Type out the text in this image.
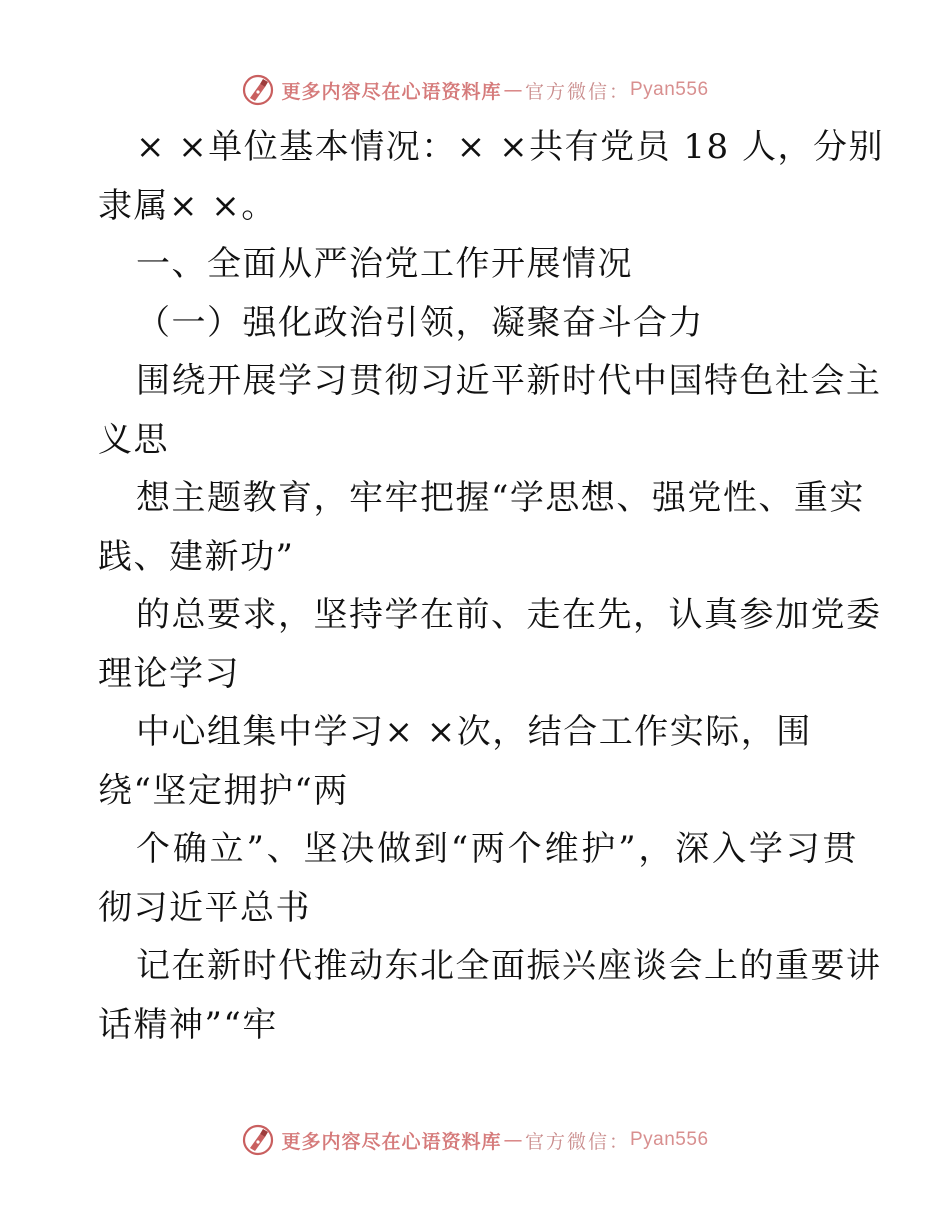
更多内容尽在心语资料库 — 官方微信： Pyan556
× ×单位基本情况：× ×共有党员 18 人，分别
隶属× ×。
一、全面从严治党工作开展情况
（一）强化政治引领，凝聚奋斗合力
围绕开展学习贯彻习近平新时代中国特色社会主
义思
想主题教育，牢牢把握“学思想、强党性、重实
践、建新功”
的总要求，坚持学在前、走在先，认真参加党委
理论学习
中心组集中学习× ×次，结合工作实际，围
绕“坚定拥护“两
个确立”、坚决做到“两个维护”，深入学习贯
彻习近平总书
记在新时代推动东北全面振兴座谈会上的重要讲
话精神”“牢
更多内容尽在心语资料库 — 官方微信： Pyan556
